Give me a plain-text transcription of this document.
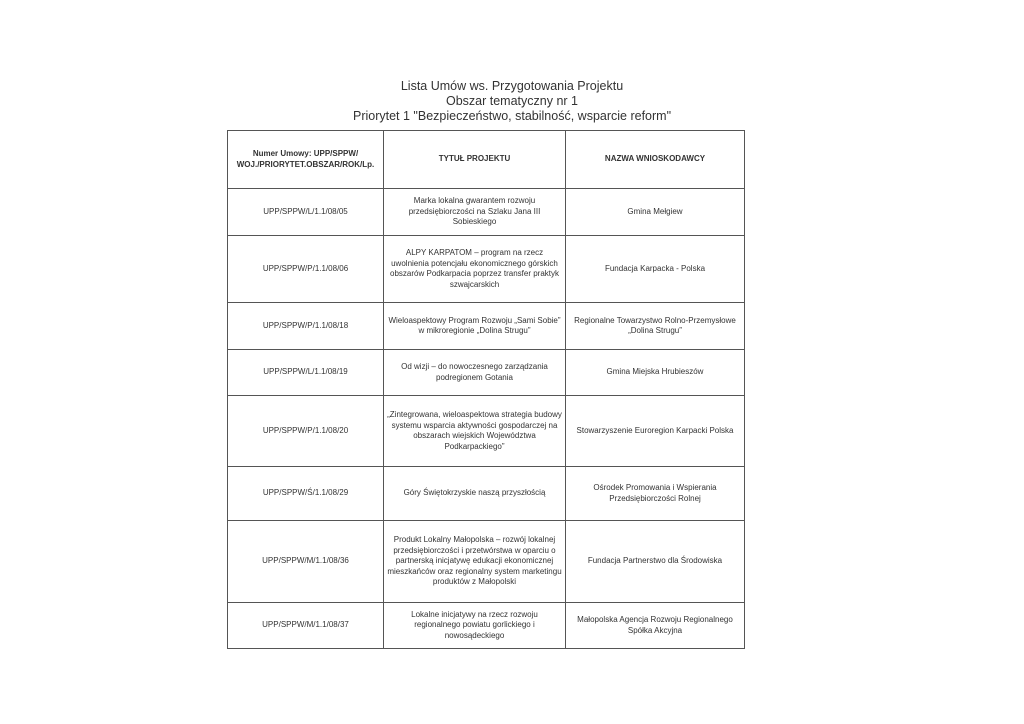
Lista Umów ws. Przygotowania Projektu
Obszar tematyczny nr 1
Priorytet 1 "Bezpieczeństwo, stabilność, wsparcie reform"
Numer Umowy: UPP/SPPW/
WOJ./PRIORYTET.OBSZAR/ROK/Lp.	TYTUŁ PROJEKTU	NAZWA WNIOSKODAWCY
UPP/SPPW/L/1.1/08/05	Marka lokalna gwarantem rozwoju przedsiębiorczości na Szlaku Jana III Sobieskiego	Gmina Mełgiew
UPP/SPPW/P/1.1/08/06	ALPY KARPATOM – program na rzecz uwolnienia potencjału ekonomicznego górskich obszarów Podkarpacia poprzez transfer praktyk szwajcarskich	Fundacja Karpacka - Polska
UPP/SPPW/P/1.1/08/18	Wieloaspektowy Program Rozwoju „Sami Sobie” w mikroregionie „Dolina Strugu”	Regionalne Towarzystwo Rolno-Przemysłowe „Dolina Strugu”
UPP/SPPW/L/1.1/08/19	Od wizji – do nowoczesnego zarządzania podregionem Gotania	Gmina Miejska Hrubieszów
UPP/SPPW/P/1.1/08/20	„Zintegrowana, wieloaspektowa strategia budowy systemu wsparcia aktywności gospodarczej na obszarach wiejskich Województwa Podkarpackiego”	Stowarzyszenie Euroregion Karpacki Polska
UPP/SPPW/Ś/1.1/08/29	Góry Świętokrzyskie naszą przyszłością	Ośrodek Promowania i Wspierania Przedsiębiorczości Rolnej
UPP/SPPW/M/1.1/08/36	Produkt Lokalny Małopolska – rozwój lokalnej przedsiębiorczości i przetwórstwa w oparciu o partnerską inicjatywę edukacji ekonomicznej mieszkańców oraz regionalny system marketingu produktów z Małopolski	Fundacja Partnerstwo dla Środowiska
UPP/SPPW/M/1.1/08/37	Lokalne inicjatywy na rzecz rozwoju regionalnego powiatu gorlickiego i nowosądeckiego	Małopolska Agencja Rozwoju Regionalnego Spółka Akcyjna
